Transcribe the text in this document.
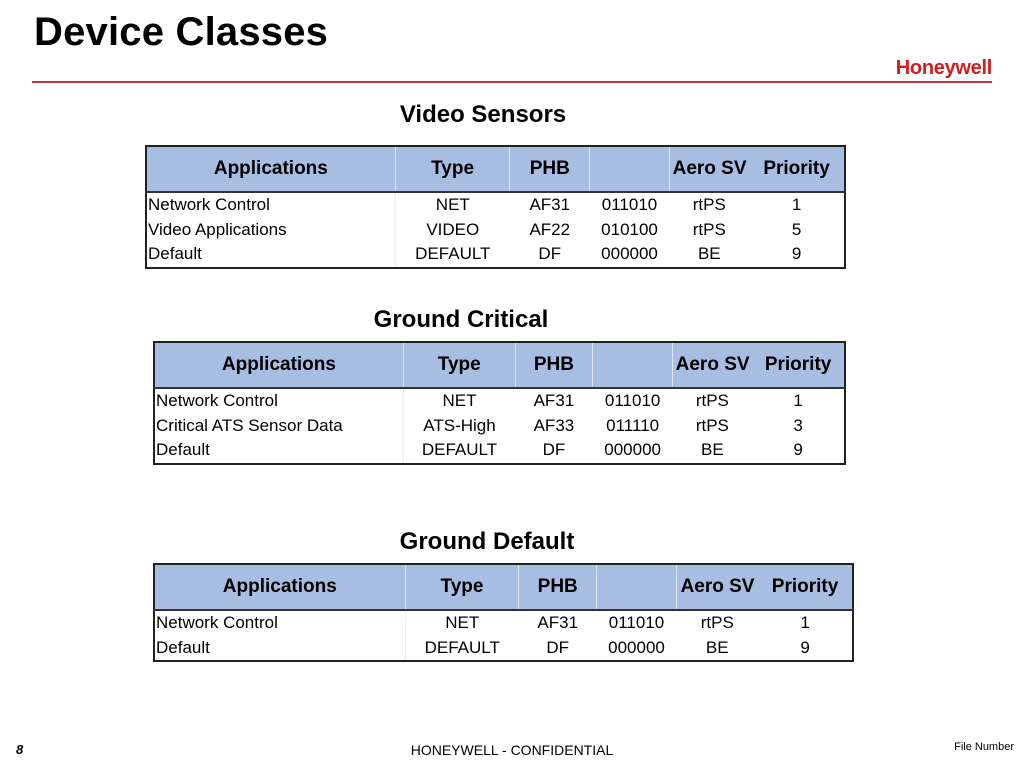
Device Classes
Honeywell
Video Sensors
Applications	Type	PHB		Aero SV	Priority
Network Control	NET	AF31	011010	rtPS	1
Video Applications	VIDEO	AF22	010100	rtPS	5
Default	DEFAULT	DF	000000	BE	9
Ground Critical
Applications	Type	PHB		Aero SV	Priority
Network Control	NET	AF31	011010	rtPS	1
Critical ATS Sensor Data	ATS-High	AF33	011110	rtPS	3
Default	DEFAULT	DF	000000	BE	9
Ground Default
Applications	Type	PHB		Aero SV	Priority
Network Control	NET	AF31	011010	rtPS	1
Default	DEFAULT	DF	000000	BE	9
8	HONEYWELL - CONFIDENTIAL	File Number
